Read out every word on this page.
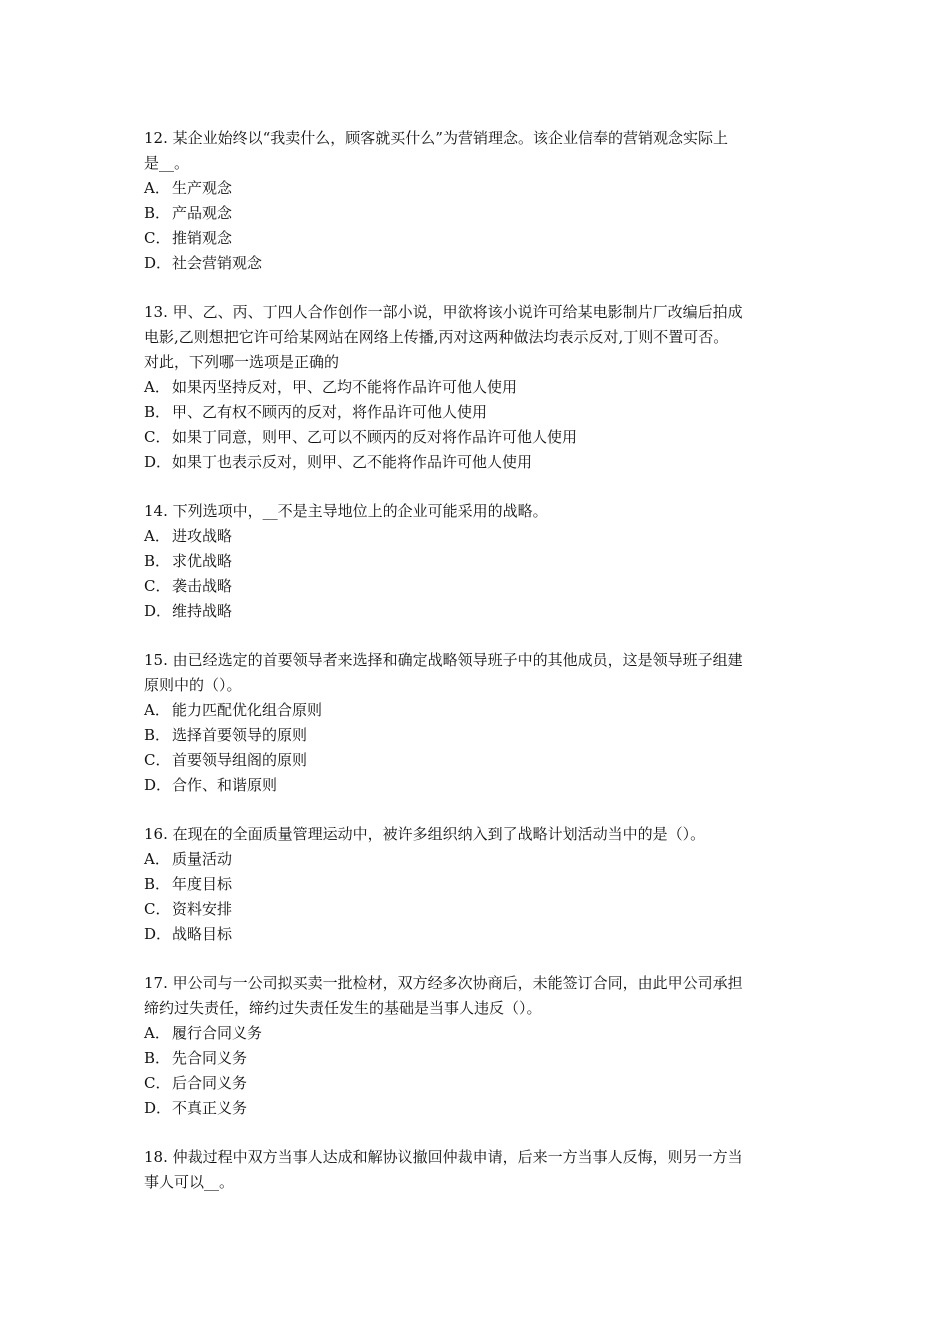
12. 某企业始终以“我卖什么，顾客就买什么”为营销理念。该企业信奉的营销观念实际上
是__。
A． 生产观念
B． 产品观念
C． 推销观念
D．社会营销观念
13. 甲、乙、丙、丁四人合作创作一部小说，甲欲将该小说许可给某电影制片厂改编后拍成
电影,乙则想把它许可给某网站在网络上传播,丙对这两种做法均表示反对,丁则不置可否。
对此，下列哪一选项是正确的
A． 如果丙坚持反对，甲、乙均不能将作品许可他人使用
B． 甲、乙有权不顾丙的反对，将作品许可他人使用
C． 如果丁同意，则甲、乙可以不顾丙的反对将作品许可他人使用
D．如果丁也表示反对，则甲、乙不能将作品许可他人使用
14. 下列选项中，__不是主导地位上的企业可能采用的战略。
A． 进攻战略
B． 求优战略
C． 袭击战略
D．维持战略
15. 由已经选定的首要领导者来选择和确定战略领导班子中的其他成员，这是领导班子组建
原则中的（）。
A． 能力匹配优化组合原则
B． 选择首要领导的原则
C． 首要领导组阁的原则
D．合作、和谐原则
16. 在现在的全面质量管理运动中，被许多组织纳入到了战略计划活动当中的是（）。
A． 质量活动
B． 年度目标
C． 资料安排
D．战略目标
17. 甲公司与一公司拟买卖一批检材，双方经多次协商后，未能签订合同，由此甲公司承担
缔约过失责任，缔约过失责任发生的基础是当事人违反（）。
A． 履行合同义务
B． 先合同义务
C． 后合同义务
D．不真正义务
18. 仲裁过程中双方当事人达成和解协议撤回仲裁申请，后来一方当事人反悔，则另一方当
事人可以__。
